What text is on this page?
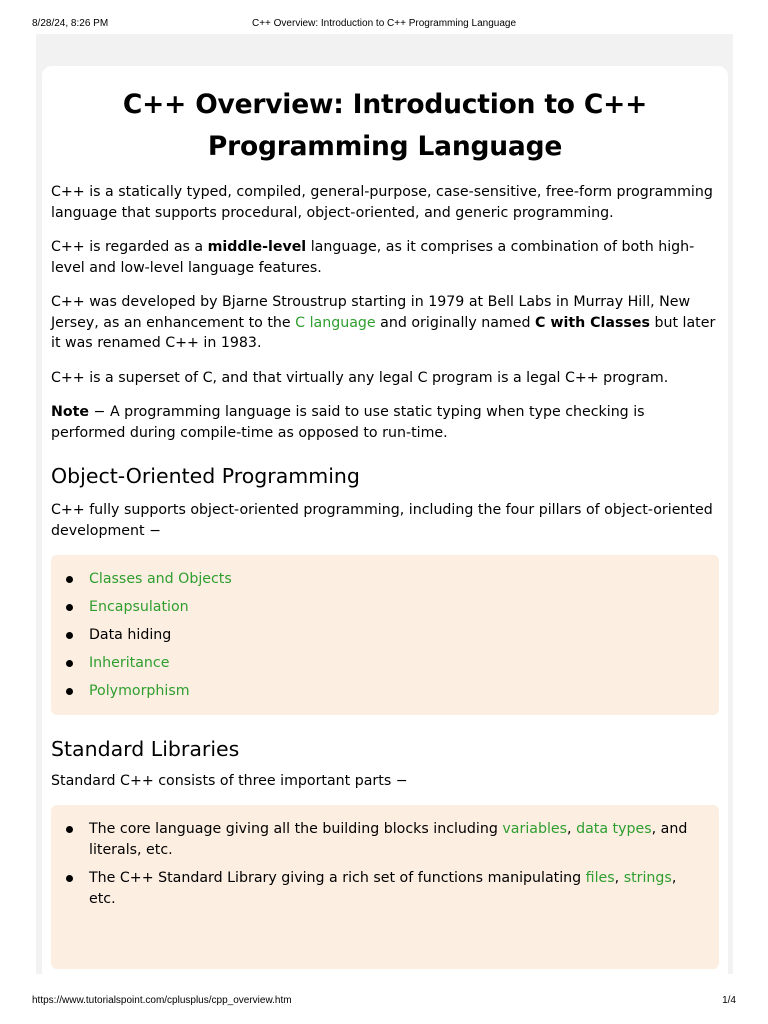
8/28/24, 8:26 PM	C++ Overview: Introduction to C++ Programming Language
C++ Overview: Introduction to C++ Programming Language

C++ is a statically typed, compiled, general-purpose, case-sensitive, free-form programming language that supports procedural, object-oriented, and generic programming.

C++ is regarded as a middle-level language, as it comprises a combination of both high-level and low-level language features.

C++ was developed by Bjarne Stroustrup starting in 1979 at Bell Labs in Murray Hill, New Jersey, as an enhancement to the C language and originally named C with Classes but later it was renamed C++ in 1983.

C++ is a superset of C, and that virtually any legal C program is a legal C++ program.

Note − A programming language is said to use static typing when type checking is performed during compile-time as opposed to run-time.

Object-Oriented Programming

C++ fully supports object-oriented programming, including the four pillars of object-oriented development −

Classes and Objects
Encapsulation
Data hiding
Inheritance
Polymorphism
Standard Libraries

Standard C++ consists of three important parts −

The core language giving all the building blocks including variables, data types, and literals, etc.
The C++ Standard Library giving a rich set of functions manipulating files, strings, etc.
https://www.tutorialspoint.com/cplusplus/cpp_overview.htm	1/4
